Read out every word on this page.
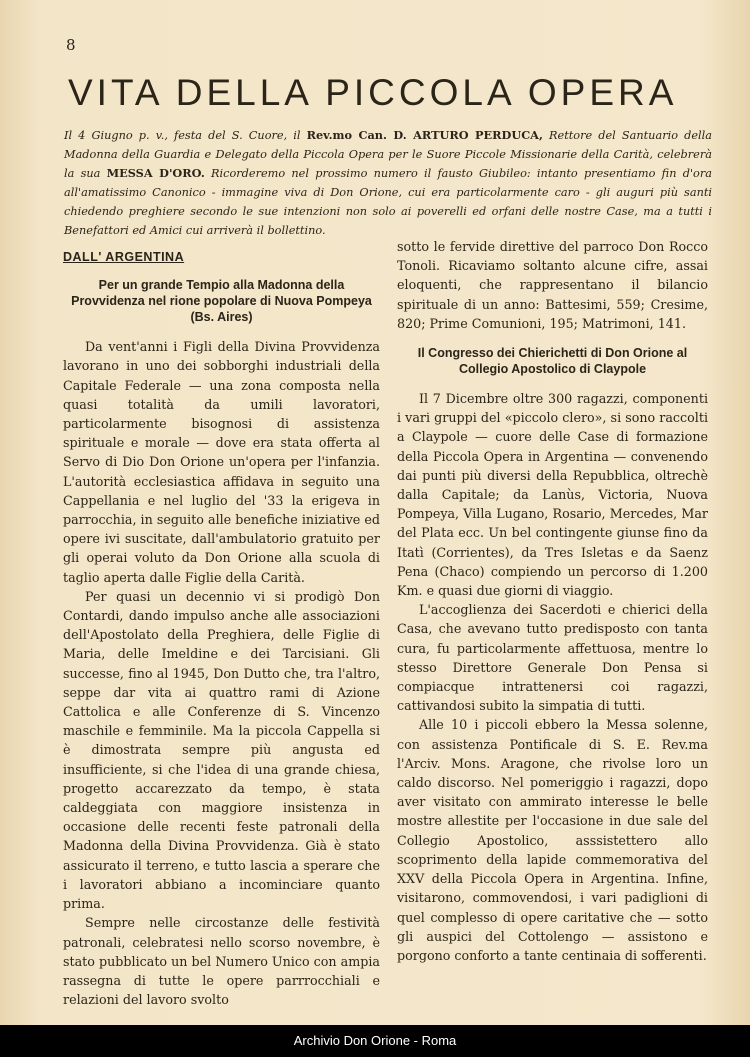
8
VITA DELLA PICCOLA OPERA
Il 4 Giugno p. v., festa del S. Cuore, il Rev.mo Can. D. ARTURO PERDUCA, Rettore del Santuario della Madonna della Guardia e Delegato della Piccola Opera per le Suore Piccole Missionarie della Carità, celebrerà la sua MESSA D'ORO. Ricorderemo nel prossimo numero il fausto Giubileo: intanto presentiamo fin d'ora all'amatissimo Canonico - immagine viva di Don Orione, cui era particolarmente caro - gli auguri più santi chiedendo preghiere secondo le sue intenzioni non solo ai poverelli ed orfani delle nostre Case, ma a tutti i Benefattori ed Amici cui arriverà il bollettino.
DALL' ARGENTINA
Per un grande Tempio alla Madonna della Provvidenza nel rione popolare di Nuova Pompeya (Bs. Aires)

Da vent'anni i Figli della Divina Provvidenza lavorano in uno dei sobborghi industriali della Capitale Federale — una zona composta nella quasi totalità da umili lavoratori, particolarmente bisognosi di assistenza spirituale e morale — dove era stata offerta al Servo di Dio Don Orione un'opera per l'infanzia. L'autorità ecclesiastica affidava in seguito una Cappellania e nel luglio del '33 la erigeva in parrocchia, in seguito alle benefiche iniziative ed opere ivi suscitate, dall'ambulatorio gratuito per gli operai voluto da Don Orione alla scuola di taglio aperta dalle Figlie della Carità.

Per quasi un decennio vi si prodigò Don Contardi, dando impulso anche alle associazioni dell'Apostolato della Preghiera, delle Figlie di Maria, delle Imeldine e dei Tarcisiani. Gli successe, fino al 1945, Don Dutto che, tra l'altro, seppe dar vita ai quattro rami di Azione Cattolica e alle Conferenze di S. Vincenzo maschile e femminile. Ma la piccola Cappella si è dimostrata sempre più angusta ed insufficiente, si che l'idea di una grande chiesa, progetto accarezzato da tempo, è stata caldeggiata con maggiore insistenza in occasione delle recenti feste patronali della Madonna della Divina Provvidenza. Già è stato assicurato il terreno, e tutto lascia a sperare che i lavoratori abbiano a incominciare quanto prima.

Sempre nelle circostanze delle festività patronali, celebratesi nello scorso novembre, è stato pubblicato un bel Numero Unico con ampia rassegna di tutte le opere parrrocchiali e relazioni del lavoro svolto

sotto le fervide direttive del parroco Don Rocco Tonoli. Ricaviamo soltanto alcune cifre, assai eloquenti, che rappresentano il bilancio spirituale di un anno: Battesimi, 559; Cresime, 820; Prime Comunioni, 195; Matrimoni, 141.

Il Congresso dei Chierichetti di Don Orione al Collegio Apostolico di Claypole

Il 7 Dicembre oltre 300 ragazzi, componenti i vari gruppi del «piccolo clero», si sono raccolti a Claypole — cuore delle Case di formazione della Piccola Opera in Argentina — convenendo dai punti più diversi della Repubblica, oltrechè dalla Capitale; da Lanùs, Victoria, Nuova Pompeya, Villa Lugano, Rosario, Mercedes, Mar del Plata ecc. Un bel contingente giunse fino da Itatì (Corrientes), da Tres Isletas e da Saenz Pena (Chaco) compiendo un percorso di 1.200 Km. e quasi due giorni di viaggio.

L'accoglienza dei Sacerdoti e chierici della Casa, che avevano tutto predisposto con tanta cura, fu particolarmente affettuosa, mentre lo stesso Direttore Generale Don Pensa si compiacque intrattenersi coi ragazzi, cattivandosi subito la simpatia di tutti.

Alle 10 i piccoli ebbero la Messa solenne, con assistenza Pontificale di S. E. Rev.ma l'Arciv. Mons. Aragone, che rivolse loro un caldo discorso. Nel pomeriggio i ragazzi, dopo aver visitato con ammirato interesse le belle mostre allestite per l'occasione in due sale del Collegio Apostolico, asssistettero allo scoprimento della lapide commemorativa del XXV della Piccola Opera in Argentina. Infine, visitarono, commovendosi, i vari padiglioni di quel complesso di opere caritative che — sotto gli auspici del Cottolengo — assistono e porgono conforto a tante centinaia di sofferenti.

Archivio Don Orione - Roma
